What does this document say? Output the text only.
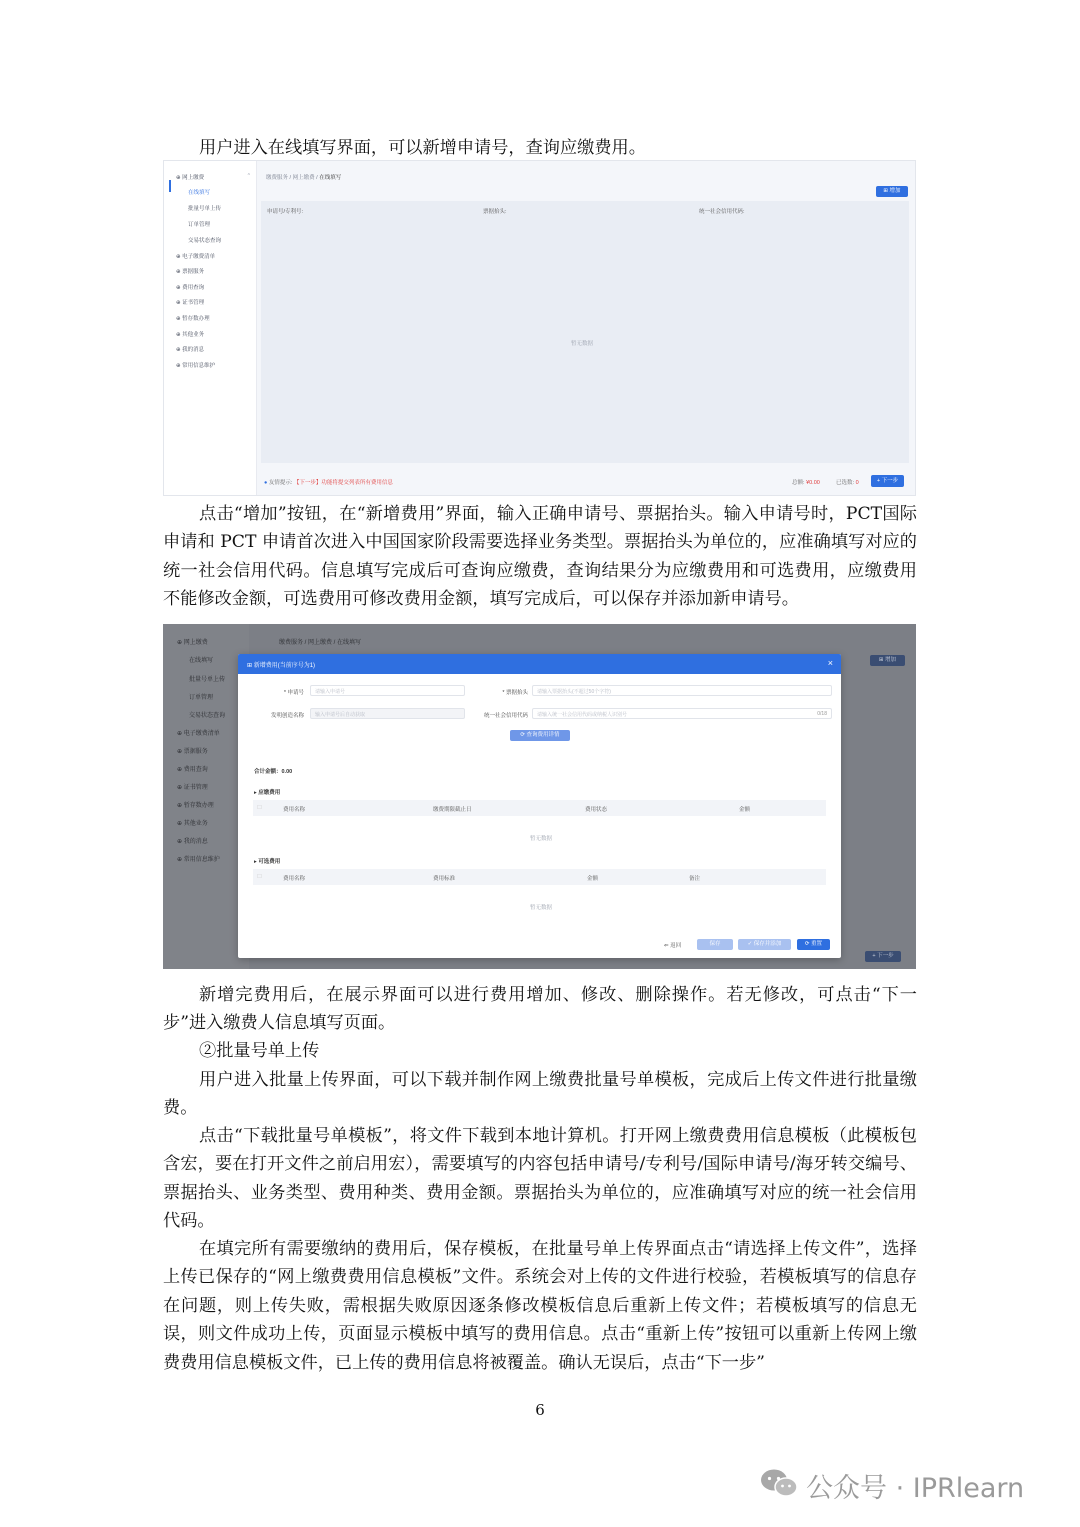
用户进入在线填写界面，可以新增申请号，查询应缴费用。

⊕ 网上缴费	^
在线填写
批量号单上传
订单管理
交易状态查询
⊕ 电子缴费清单
⊕ 票据服务
⊕ 费用查询
⊕ 证书管理
⊕ 暂存数办理
⊕ 其他业务
⊕ 我的消息
⊕ 常用信息维护
缴费服务 / 网上缴费 / 在线填写
⊞ 增加
申请号/专利号:	票据抬头:	统一社会信用代码:
暂无数据
● 友情提示: 【下一步】功能将提交列表所有费用信息	总额: ¥0.00	已选数: 0	+ 下一步

点击“增加”按钮，在“新增费用”界面，输入正确申请号、票据抬头。输入申请号时，PCT国际申请和 PCT 申请首次进入中国国家阶段需要选择业务类型。票据抬头为单位的，应准确填写对应的统一社会信用代码。信息填写完成后可查询应缴费，查询结果分为应缴费用和可选费用，应缴费用不能修改金额，可选费用可修改费用金额，填写完成后，可以保存并添加新申请号。

⊕ 网上缴费
在线填写
批量号单上传
订单管理
交易状态查询
⊕ 电子缴费清单
⊕ 票据服务
⊕ 费用查询
⊕ 证书管理
⊕ 暂存数办理
⊕ 其他业务
⊕ 我的消息
⊕ 常用信息维护
缴费服务 / 网上缴费 / 在线填写
⊞ 增加
+ 下一步
⊞ 新增费用(当前序号为1)	×
* 申请号	请输入申请号	* 票据抬头	请输入票据抬头(不超过50个字符)
发明创造名称	输入申请号后自动获取	统一社会信用代码	请输入统一社会信用代码或纳税人识别号	0/18
⟳ 查询费用详情
合计金额：0.00
▸ 应缴费用
☐	费用名称	缴费期限截止日	费用状态	金额
暂无数据
▸ 可选费用
☐	费用名称	费用标准	金额	备注
暂无数据
⇐ 返回	保存	✓ 保存并添加	⟳ 重置

新增完费用后，在展示界面可以进行费用增加、修改、删除操作。若无修改，可点击“下一步”进入缴费人信息填写页面。

②批量号单上传

用户进入批量上传界面，可以下载并制作网上缴费批量号单模板，完成后上传文件进行批量缴费。

点击“下载批量号单模板”，将文件下载到本地计算机。打开网上缴费费用信息模板（此模板包含宏，要在打开文件之前启用宏），需要填写的内容包括申请号/专利号/国际申请号/海牙转交编号、票据抬头、业务类型、费用种类、费用金额。票据抬头为单位的，应准确填写对应的统一社会信用代码。

在填完所有需要缴纳的费用后，保存模板，在批量号单上传界面点击“请选择上传文件”，选择上传已保存的“网上缴费费用信息模板”文件。系统会对上传的文件进行校验，若模板填写的信息存在问题，则上传失败，需根据失败原因逐条修改模板信息后重新上传文件；若模板填写的信息无误，则文件成功上传，页面显示模板中填写的费用信息。点击“重新上传”按钮可以重新上传网上缴费费用信息模板文件，已上传的费用信息将被覆盖。确认无误后，点击“下一步”

6
公众号 · IPRlearn
